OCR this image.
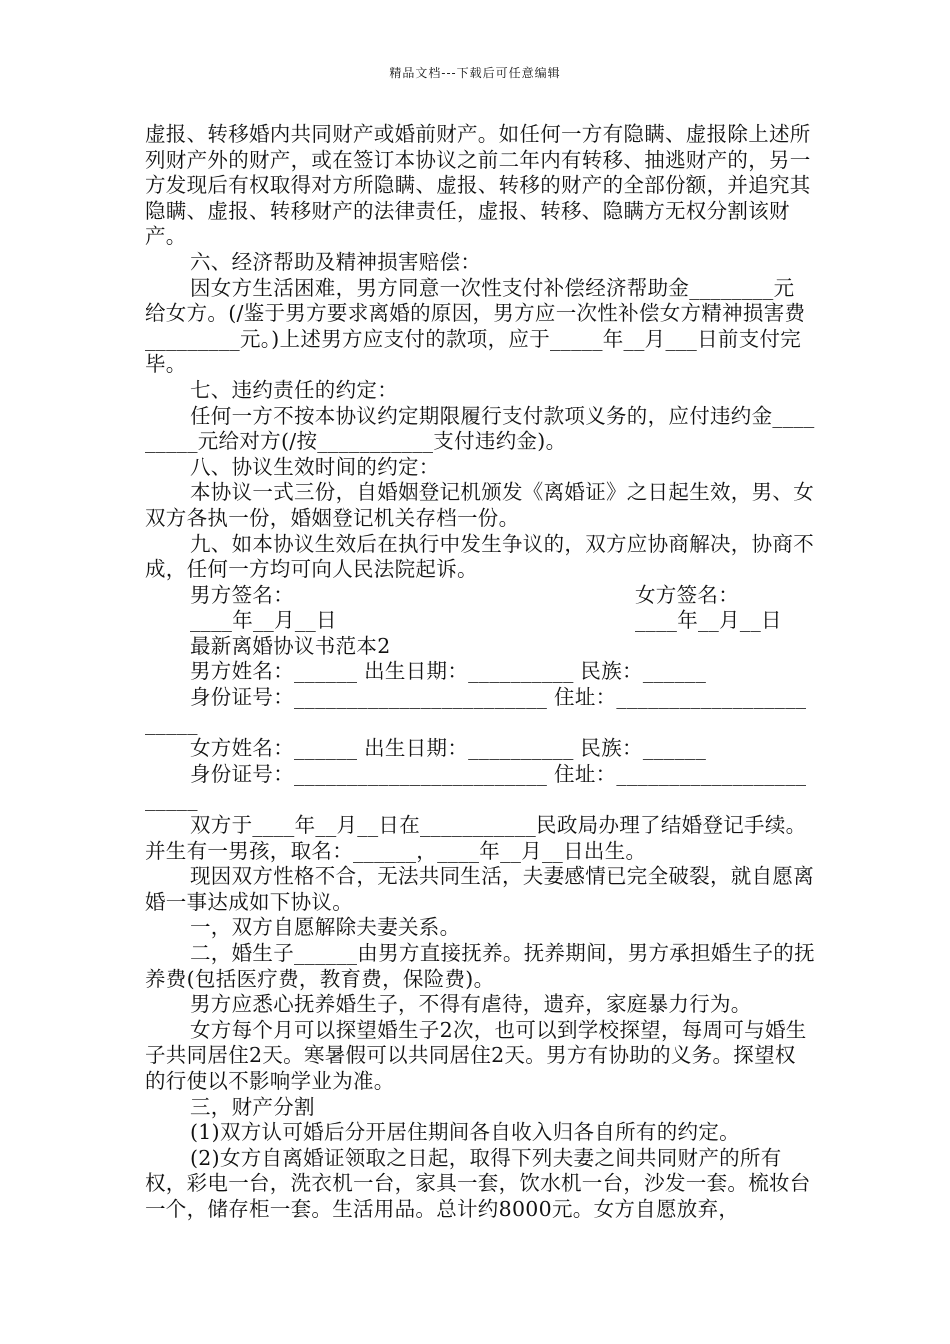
精品文档---下载后可任意编辑

虚报、转移婚内共同财产或婚前财产。如任何一方有隐瞒、虚报除上述所列财产外的财产，或在签订本协议之前二年内有转移、抽逃财产的，另一方发现后有权取得对方所隐瞒、虚报、转移的财产的全部份额，并追究其隐瞒、虚报、转移财产的法律责任，虚报、转移、隐瞒方无权分割该财产。

六、经济帮助及精神损害赔偿：

因女方生活困难，男方同意一次性支付补偿经济帮助金________元给女方。(/鉴于男方要求离婚的原因，男方应一次性补偿女方精神损害费_________元。)上述男方应支付的款项，应于_____年__月___日前支付完毕。

七、违约责任的约定：

任何一方不按本协议约定期限履行支付款项义务的，应付违约金_________元给对方(/按___________支付违约金)。

八、协议生效时间的约定：

本协议一式三份，自婚姻登记机颁发《离婚证》之日起生效，男、女双方各执一份，婚姻登记机关存档一份。

九、如本协议生效后在执行中发生争议的，双方应协商解决，协商不成，任何一方均可向人民法院起诉。

男方签名：	女方签名：
____年__月__日	____年__月__日

最新离婚协议书范本2

男方姓名：______ 出生日期：__________ 民族：______

身份证号：________________________ 住址：_______________________

女方姓名：______ 出生日期：__________ 民族：______

身份证号：________________________ 住址：_______________________

双方于____年__月__日在___________民政局办理了结婚登记手续。并生有一男孩，取名：______，____年__月__日出生。

现因双方性格不合，无法共同生活，夫妻感情已完全破裂，就自愿离婚一事达成如下协议。

一，双方自愿解除夫妻关系。

二，婚生子______由男方直接抚养。抚养期间，男方承担婚生子的抚养费(包括医疗费，教育费，保险费)。

男方应悉心抚养婚生子，不得有虐待，遗弃，家庭暴力行为。

女方每个月可以探望婚生子2次，也可以到学校探望，每周可与婚生子共同居住2天。寒暑假可以共同居住2天。男方有协助的义务。探望权的行使以不影响学业为准。

三，财产分割

(1)双方认可婚后分开居住期间各自收入归各自所有的约定。

(2)女方自离婚证领取之日起，取得下列夫妻之间共同财产的所有权，彩电一台，洗衣机一台，家具一套，饮水机一台，沙发一套。梳妆台一个，储存柜一套。生活用品。总计约8000元。女方自愿放弃，
